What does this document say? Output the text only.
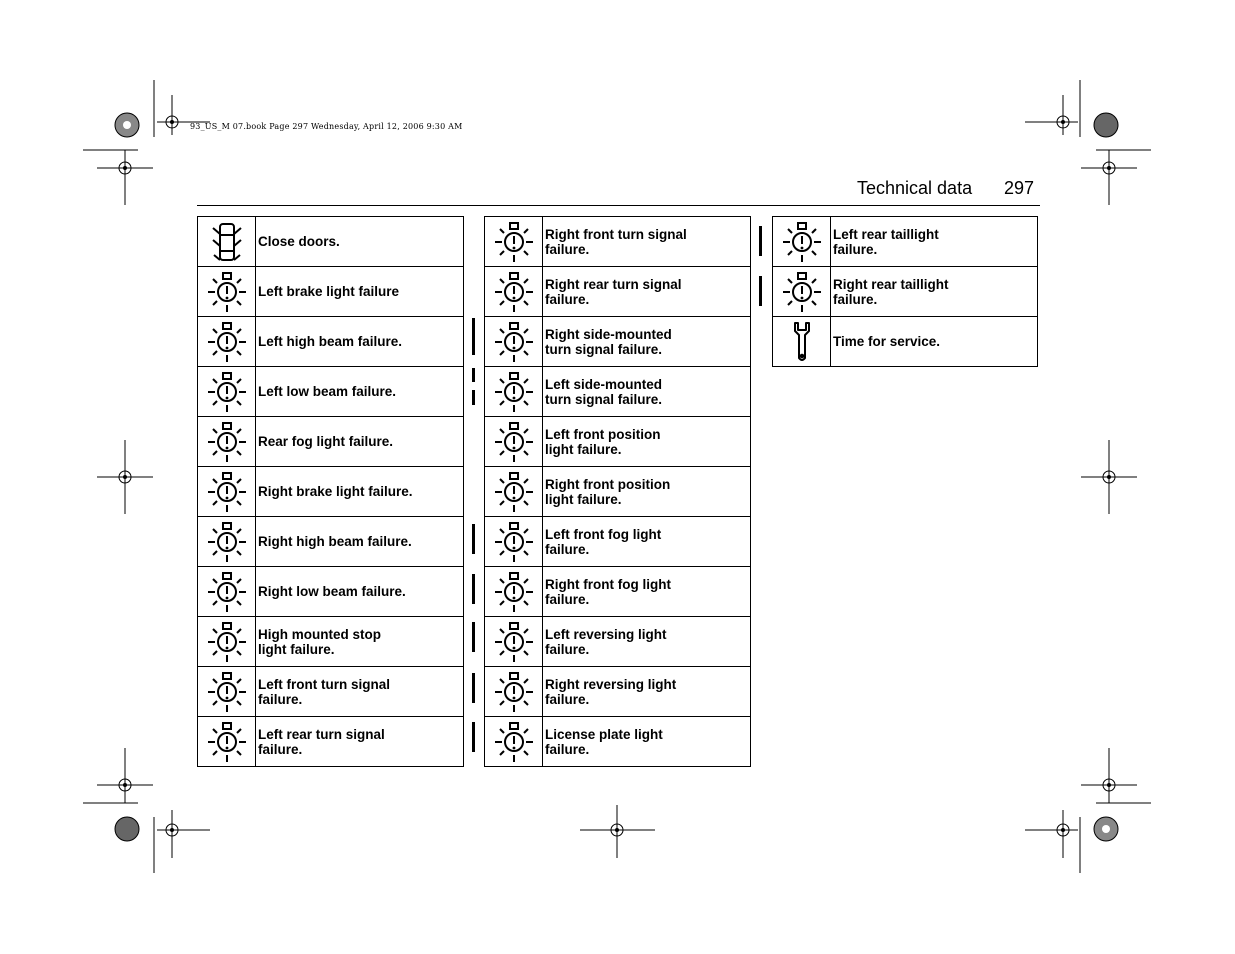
93_US_M 07.book Page 297 Wednesday, April 12, 2006 9:30 AM
Technical data 297
Close doors.
Left brake light failure
Left high beam failure.
Left low beam failure.
Rear fog light failure.
Right brake light failure.
Right high beam failure.
Right low beam failure.
High mounted stop
light failure.
Left front turn signal
failure.
Left rear turn signal
failure.
Right front turn signal
failure.
Right rear turn signal
failure.
Right side-mounted
turn signal failure.
Left side-mounted
turn signal failure.
Left front position
light failure.
Right front position
light failure.
Left front fog light
failure.
Right front fog light
failure.
Left reversing light
failure.
Right reversing light
failure.
License plate light
failure.
Left rear taillight
failure.
Right rear taillight
failure.
Time for service.
